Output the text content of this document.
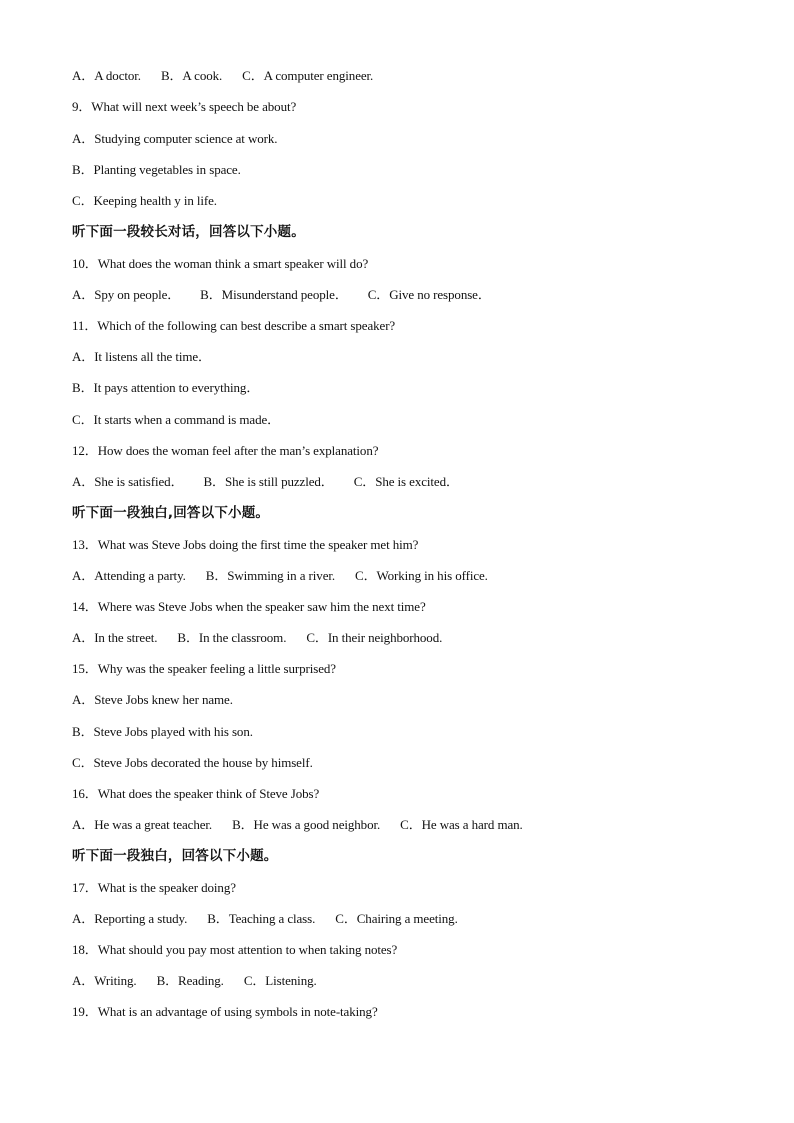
A．A doctor. B．A cook. C．A computer engineer.
9．What will next week’s speech be about?
A．Studying computer science at work.
B．Planting vegetables in space.
C．Keeping health y in life.
听下面一段较长对话，回答以下小题。
10．What does the woman think a smart speaker will do?
A．Spy on people． B．Misunderstand people． C．Give no response．
11．Which of the following can best describe a smart speaker?
A．It listens all the time．
B．It pays attention to everything．
C．It starts when a command is made．
12．How does the woman feel after the man’s explanation?
A．She is satisfied． B．She is still puzzled． C．She is excited．
听下面一段独白,回答以下小题。
13．What was Steve Jobs doing the first time the speaker met him?
A．Attending a party. B．Swimming in a river. C．Working in his office.
14．Where was Steve Jobs when the speaker saw him the next time?
A．In the street. B．In the classroom. C．In their neighborhood.
15．Why was the speaker feeling a little surprised?
A．Steve Jobs knew her name.
B．Steve Jobs played with his son.
C．Steve Jobs decorated the house by himself.
16．What does the speaker think of Steve Jobs?
A．He was a great teacher. B．He was a good neighbor. C．He was a hard man.
听下面一段独白，回答以下小题。
17．What is the speaker doing?
A．Reporting a study. B．Teaching a class. C．Chairing a meeting.
18．What should you pay most attention to when taking notes?
A．Writing. B．Reading. C．Listening.
19．What is an advantage of using symbols in note-taking?
